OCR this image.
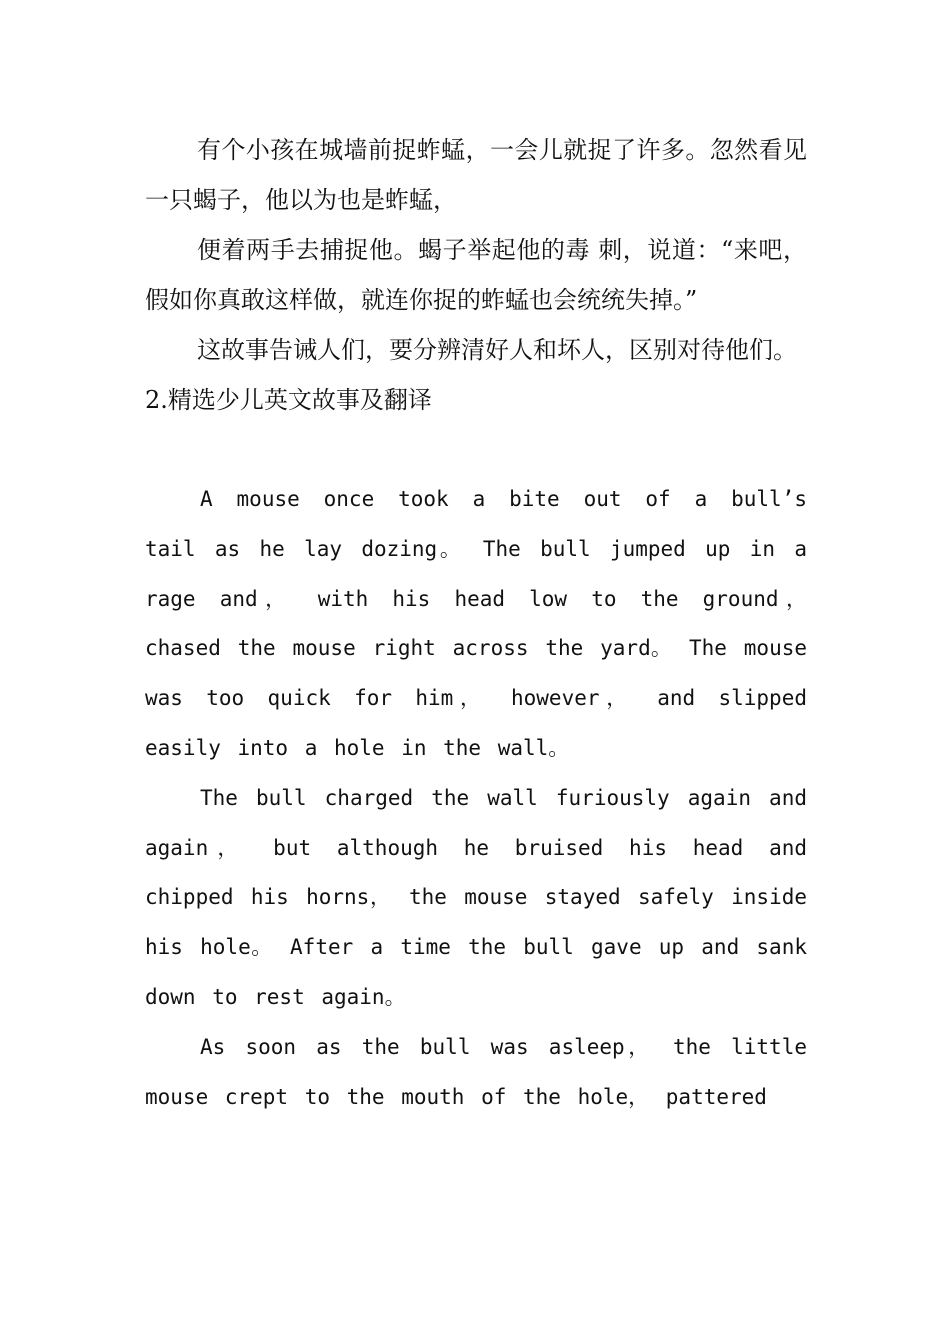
有个小孩在城墙前捉蚱蜢，一会儿就捉了许多。忽然看见一只蝎子，他以为也是蚱蜢，

便着两手去捕捉他。蝎子举起他的毒 刺，说道：“来吧，假如你真敢这样做，就连你捉的蚱蜢也会统统失掉。”

这故事告诫人们，要分辨清好人和坏人，区别对待他们。

2.精选少儿英文故事及翻译

A mouse once took a bite out of a bull’s tail as he lay dozing。 The bull jumped up in a rage and， with his head low to the ground， chased the mouse right across the yard。 The mouse was too quick for him， however， and slipped easily into a hole in the wall。

The bull charged the wall furiously again and again， but although he bruised his head and chipped his horns， the mouse stayed safely inside his hole。 After a time the bull gave up and sank down to rest again。

As soon as the bull was asleep， the little mouse crept to the mouth of the hole， pattered
